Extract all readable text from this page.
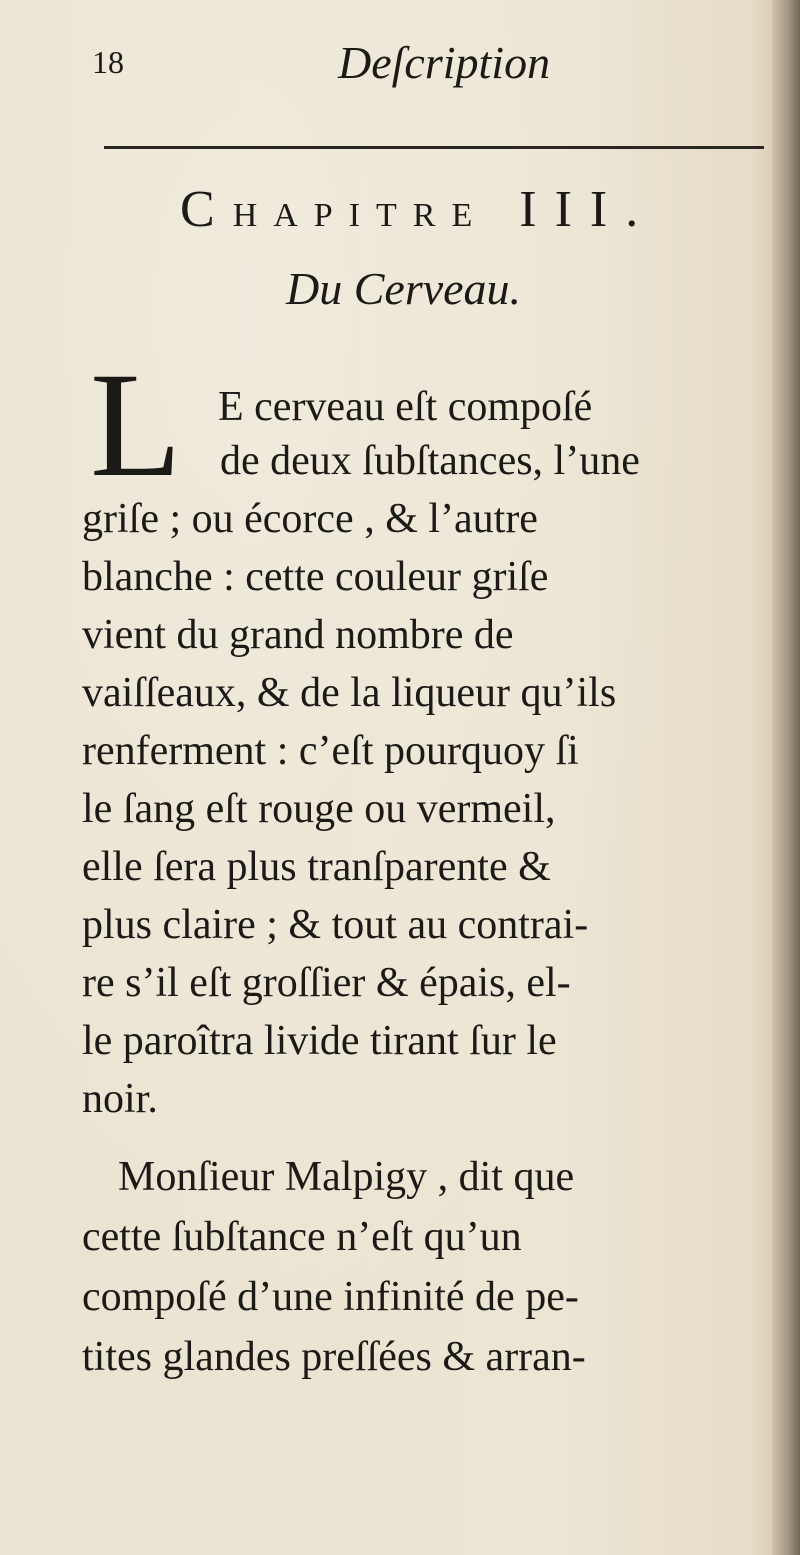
18	Deſcription
CHAPITRE III.
Du Cerveau.
L E cerveau eſt compoſé
de deux ſubſtances, l’une
griſe ; ou écorce , & l’autre
blanche : cette couleur griſe
vient du grand nombre de
vaiſſeaux, & de la liqueur qu’ils
renferment : c’eſt pourquoy ſi
le ſang eſt rouge ou vermeil,
elle ſera plus tranſparente &
plus claire ; & tout au contrai-
re s’il eſt groſſier & épais, el-
le paroîtra livide tirant ſur le
noir.
Monſieur Malpigy , dit que
cette ſubſtance n’eſt qu’un
compoſé d’une infinité de pe-
tites glandes preſſées & arran-
